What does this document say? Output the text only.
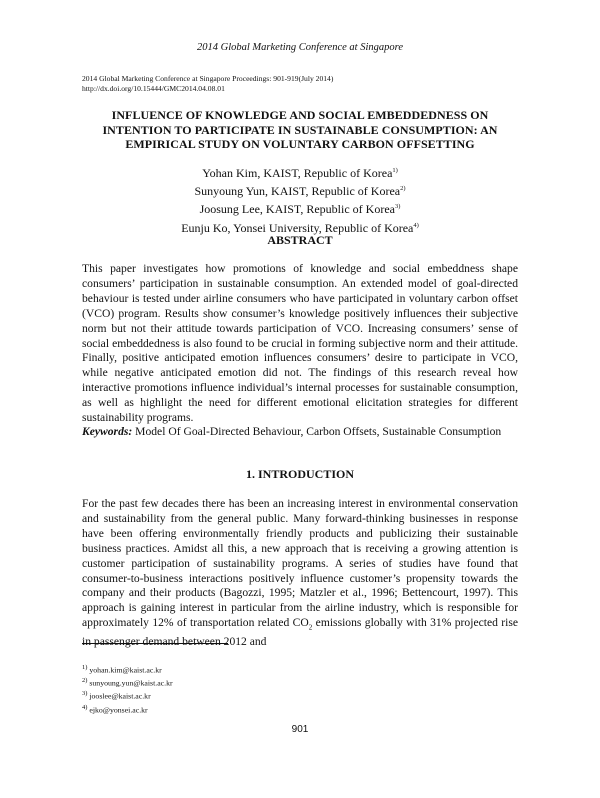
2014 Global Marketing Conference at Singapore
2014 Global Marketing Conference at Singapore Proceedings: 901-919(July 2014)
http://dx.doi.org/10.15444/GMC2014.04.08.01
INFLUENCE OF KNOWLEDGE AND SOCIAL EMBEDDEDNESS ON
INTENTION TO PARTICIPATE IN SUSTAINABLE CONSUMPTION: AN
EMPIRICAL STUDY ON VOLUNTARY CARBON OFFSETTING
Yohan Kim, KAIST, Republic of Korea$^{1)}$
Sunyoung Yun, KAIST, Republic of Korea$^{2)}$
Joosung Lee, KAIST, Republic of Korea$^{3)}$
Eunju Ko, Yonsei University, Republic of Korea$^{4)}$
ABSTRACT

This paper investigates how promotions of knowledge and social embeddness shape consumers’ participation in sustainable consumption. An extended model of goal-directed behaviour is tested under airline consumers who have participated in voluntary carbon offset (VCO) program. Results show consumer’s knowledge positively influences their subjective norm but not their attitude towards participation of VCO. Increasing consumers’ sense of social embeddedness is also found to be crucial in forming subjective norm and their attitude. Finally, positive anticipated emotion influences consumers’ desire to participate in VCO, while negative anticipated emotion did not. The findings of this research reveal how interactive promotions influence individual’s internal processes for sustainable consumption, as well as highlight the need for different emotional elicitation strategies for different sustainability programs.

Keywords: Model Of Goal-Directed Behaviour, Carbon Offsets, Sustainable Consumption

1. INTRODUCTION

For the past few decades there has been an increasing interest in environmental conservation and sustainability from the general public. Many forward-thinking businesses in response have been offering environmentally friendly products and publicizing their sustainable business practices. Amidst all this, a new approach that is receiving a growing attention is customer participation of sustainability programs. A series of studies have found that consumer-to-business interactions positively influence customer’s propensity towards the company and their products (Bagozzi, 1995; Matzler et al., 1996; Bettencourt, 1997). This approach is gaining interest in particular from the airline industry, which is responsible for approximately 12% of transportation related $CO_2$ emissions globally with 31% projected rise in passenger demand between 2012 and

$^{1)}$ yohan.kim@kaist.ac.kr
$^{2)}$ sunyoung.yun@kaist.ac.kr
$^{3)}$ jooslee@kaist.ac.kr
$^{4)}$ ejko@yonsei.ac.kr
901
